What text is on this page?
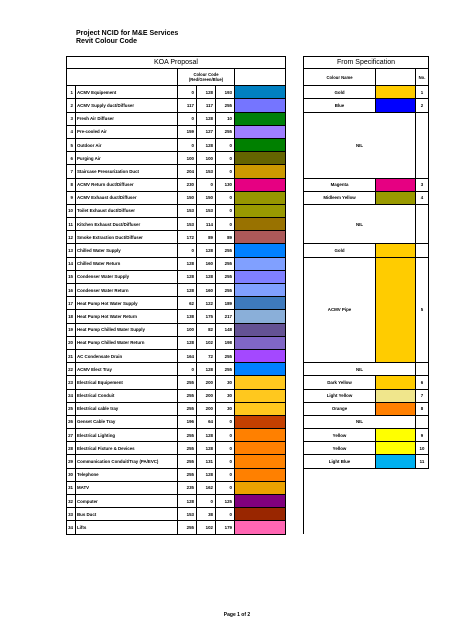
Project NCID for M&E Services
Revit Colour Code
KOA Proposal							From Specification		
		Colour Code
(Red/Green/Blue)					Colour Name		No.
1	ACMV Equipement	0	128	193			Gold		1
2	ACMV Supply duct/Diffuser	117	117	255			Blue		2
3	Fresh Air Diffuser	0	128	10			NIL		
4	Pre-cooled Air	159	127	255					
5	Outdoor Air	0	128	0					
6	Purging Air	100	100	0					
7	Staircase Pressurization Duct	204	153	0					
8	ACMV Return duct/Diffuser	230	0	130			Magenta		3
9	ACMV Exhaust duct/Diffuser	150	150	0			Midleem Yellow		4
10	Toilet Exhaust duct/Diffuser	153	153	0			NIL		
11	Kitchen Exhaust Duct/Diffuser	153	114	0					
12	Smoke Extraction Duct/Diffuser	172	89	89					
13	Chilled Water Supply	0	128	255			Gold		
14	Chilled Water Return	128	160	255			ACMV Pipe		5
15	Condenser Water Supply	128	128	255					
16	Condenser Water Return	128	160	255					
17	Heat Pump Hot Water Supply	62	122	189					
18	Heat Pump Hot Water Return	138	175	217					
19	Heat Pump Chilled Water Supply	100	82	148					
20	Heat Pump Chilled Water Return	128	102	198					
21	AC Condensate Drain	164	72	255					
22	ACMV Elect Tray	0	128	255			NIL		
23	Electrical Equipement	255	200	30			Dark Yellow		6
24	Electrical Conduit	255	200	30			Light Yellow		7
25	Electrical cable tray	255	200	30			Orange		8
26	Genset Cable Tray	196	64	0			NIL		
27	Electrical Lighting	255	128	0			Yellow		9
28	Electrical Fixture & Devices	255	128	0			Yellow		10
29	Communication Conduit/Tray (PA/EVC)	255	131	0			Light Blue		11
30	Telephone	255	128	0					
31	MATV	235	162	0					
32	Computer	128	0	125					
33	Bus Duct	153	38	0					
34	Lifts	255	102	179					
Page 1 of 2
